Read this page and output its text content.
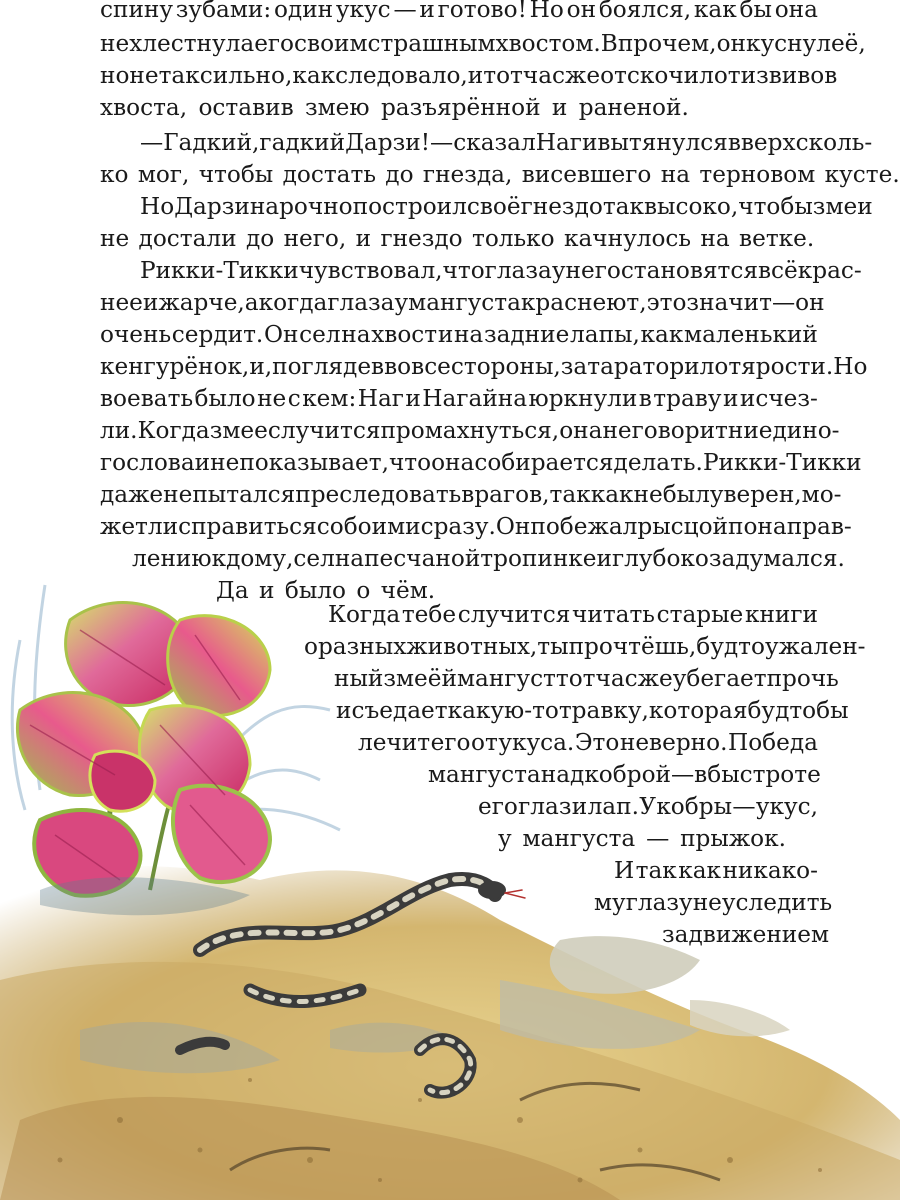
спину зубами: один укус — и готово! Но он боялся, как бы она
не хлестнула его своим страшным хвостом. Впрочем, он куснул её,
но не так сильно, как следовало, и тотчас же отскочил от извивов
хвоста, оставив змею разъярённой и раненой.
— Гадкий, гадкий Дарзи! — сказал Наг и вытянулся вверх сколь-
ко мог, чтобы достать до гнезда, висевшего на терновом кусте.
Но Дарзи нарочно построил своё гнездо так высоко, чтобы змеи
не достали до него, и гнездо только качнулось на ветке.
Рикки-Тикки чувствовал, что глаза у него становятся всё крас-
нее и жарче, а когда глаза у мангуста краснеют, это значит — он
очень сердит. Он сел на хвост и на задние лапы, как маленький
кенгурёнок, и, поглядев во все стороны, затараторил от ярости. Но
воевать было не с кем: Наг и Нагайна юркнули в траву и исчез-
ли. Когда змее случится промахнуться, она не говорит ни едино-
го слова и не показывает, что она собирается делать. Рикки-Тикки
даже не пытался преследовать врагов, так как не был уверен, мо-
жет ли справиться с обоими сразу. Он побежал рысцой по направ-
лению к дому, сел на песчаной тропинке и глубоко задумался.
Да и было о чём.
Когда тебе случится читать старые книги
о разных животных, ты прочтёшь, будто ужален-
ный змеёй мангуст тотчас же убегает прочь
и съедает какую-то травку, которая будто бы
лечит его от укуса. Это неверно. Победа
мангуста над коброй — в быстроте
его глаз и лап. У кобры — укус,
у мангуста — прыжок.
И так как никако-
му глазу не уследить
за движением
